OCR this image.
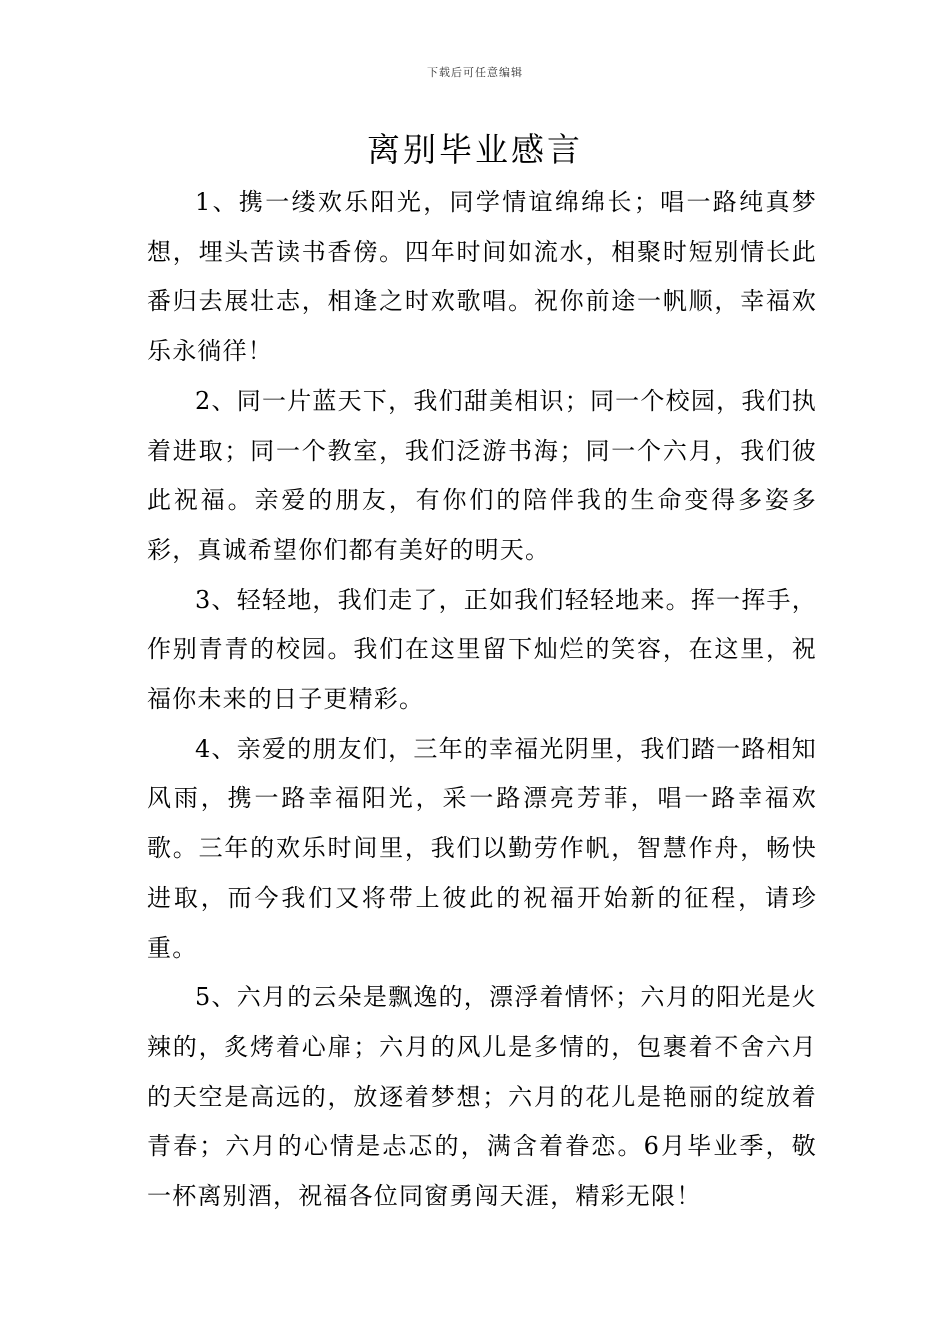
下载后可任意编辑
离别毕业感言

1、携一缕欢乐阳光，同学情谊绵绵长；唱一路纯真梦想，埋头苦读书香傍。四年时间如流水，相聚时短别情长此番归去展壮志，相逢之时欢歌唱。祝你前途一帆顺，幸福欢乐永徜徉！

2、同一片蓝天下，我们甜美相识；同一个校园，我们执着进取；同一个教室，我们泛游书海；同一个六月，我们彼此祝福。亲爱的朋友，有你们的陪伴我的生命变得多姿多彩，真诚希望你们都有美好的明天。

3、轻轻地，我们走了，正如我们轻轻地来。挥一挥手，作别青青的校园。我们在这里留下灿烂的笑容，在这里，祝福你未来的日子更精彩。

4、亲爱的朋友们，三年的幸福光阴里，我们踏一路相知风雨，携一路幸福阳光，采一路漂亮芳菲，唱一路幸福欢歌。三年的欢乐时间里，我们以勤劳作帆，智慧作舟，畅快进取，而今我们又将带上彼此的祝福开始新的征程，请珍重。

5、六月的云朵是飘逸的，漂浮着情怀；六月的阳光是火辣的，炙烤着心扉；六月的风儿是多情的，包裹着不舍六月的天空是高远的，放逐着梦想；六月的花儿是艳丽的绽放着青春；六月的心情是忐忑的，满含着眷恋。6月毕业季，敬一杯离别酒，祝福各位同窗勇闯天涯，精彩无限！
